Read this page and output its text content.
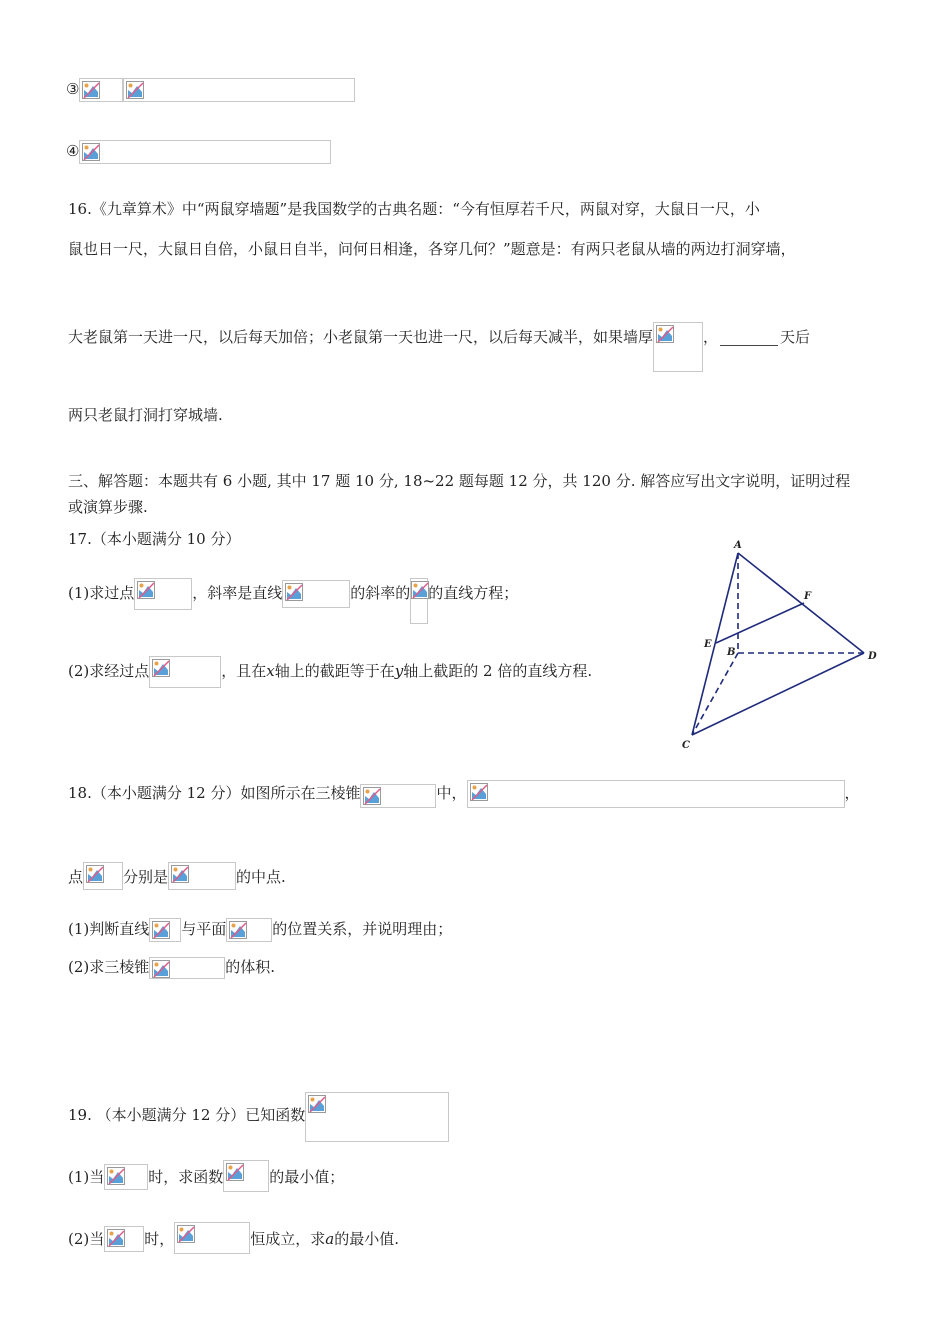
③
④
16.《九章算术》中“两鼠穿墙题”是我国数学的古典名题：“今有恒厚若千尺，两鼠对穿，大鼠日一尺，小
鼠也日一尺，大鼠日自倍，小鼠日自半，问何日相逢，各穿几何？”题意是：有两只老鼠从墙的两边打洞穿墙，
大老鼠第一天进一尺，以后每天加倍；小老鼠第一天也进一尺，以后每天减半，如果墙厚	，	天后
两只老鼠打洞打穿城墙.
三、解答题：本题共有 6 小题, 其中 17 题 10 分, 18~22 题每题 12 分，共 120 分. 解答应写出文字说明，证明过程
或演算步骤.
17.（本小题满分 10 分）
(1)求过点	，斜率是直线	的斜率的 的直线方程；
(2)求经过点	，且在x轴上的截距等于在y轴上截距的 2 倍的直线方程.
A
B
C
D
E
F
18.（本小题满分 12 分）如图所示在三棱锥	中，	，
点	分别是	的中点.
(1)判断直线 与平面	的位置关系，并说明理由；
(2)求三棱锥	的体积.
19. （本小题满分 12 分）已知函数
(1)当	时，求函数	的最小值；
(2)当	时，	恒成立，求a的最小值.
